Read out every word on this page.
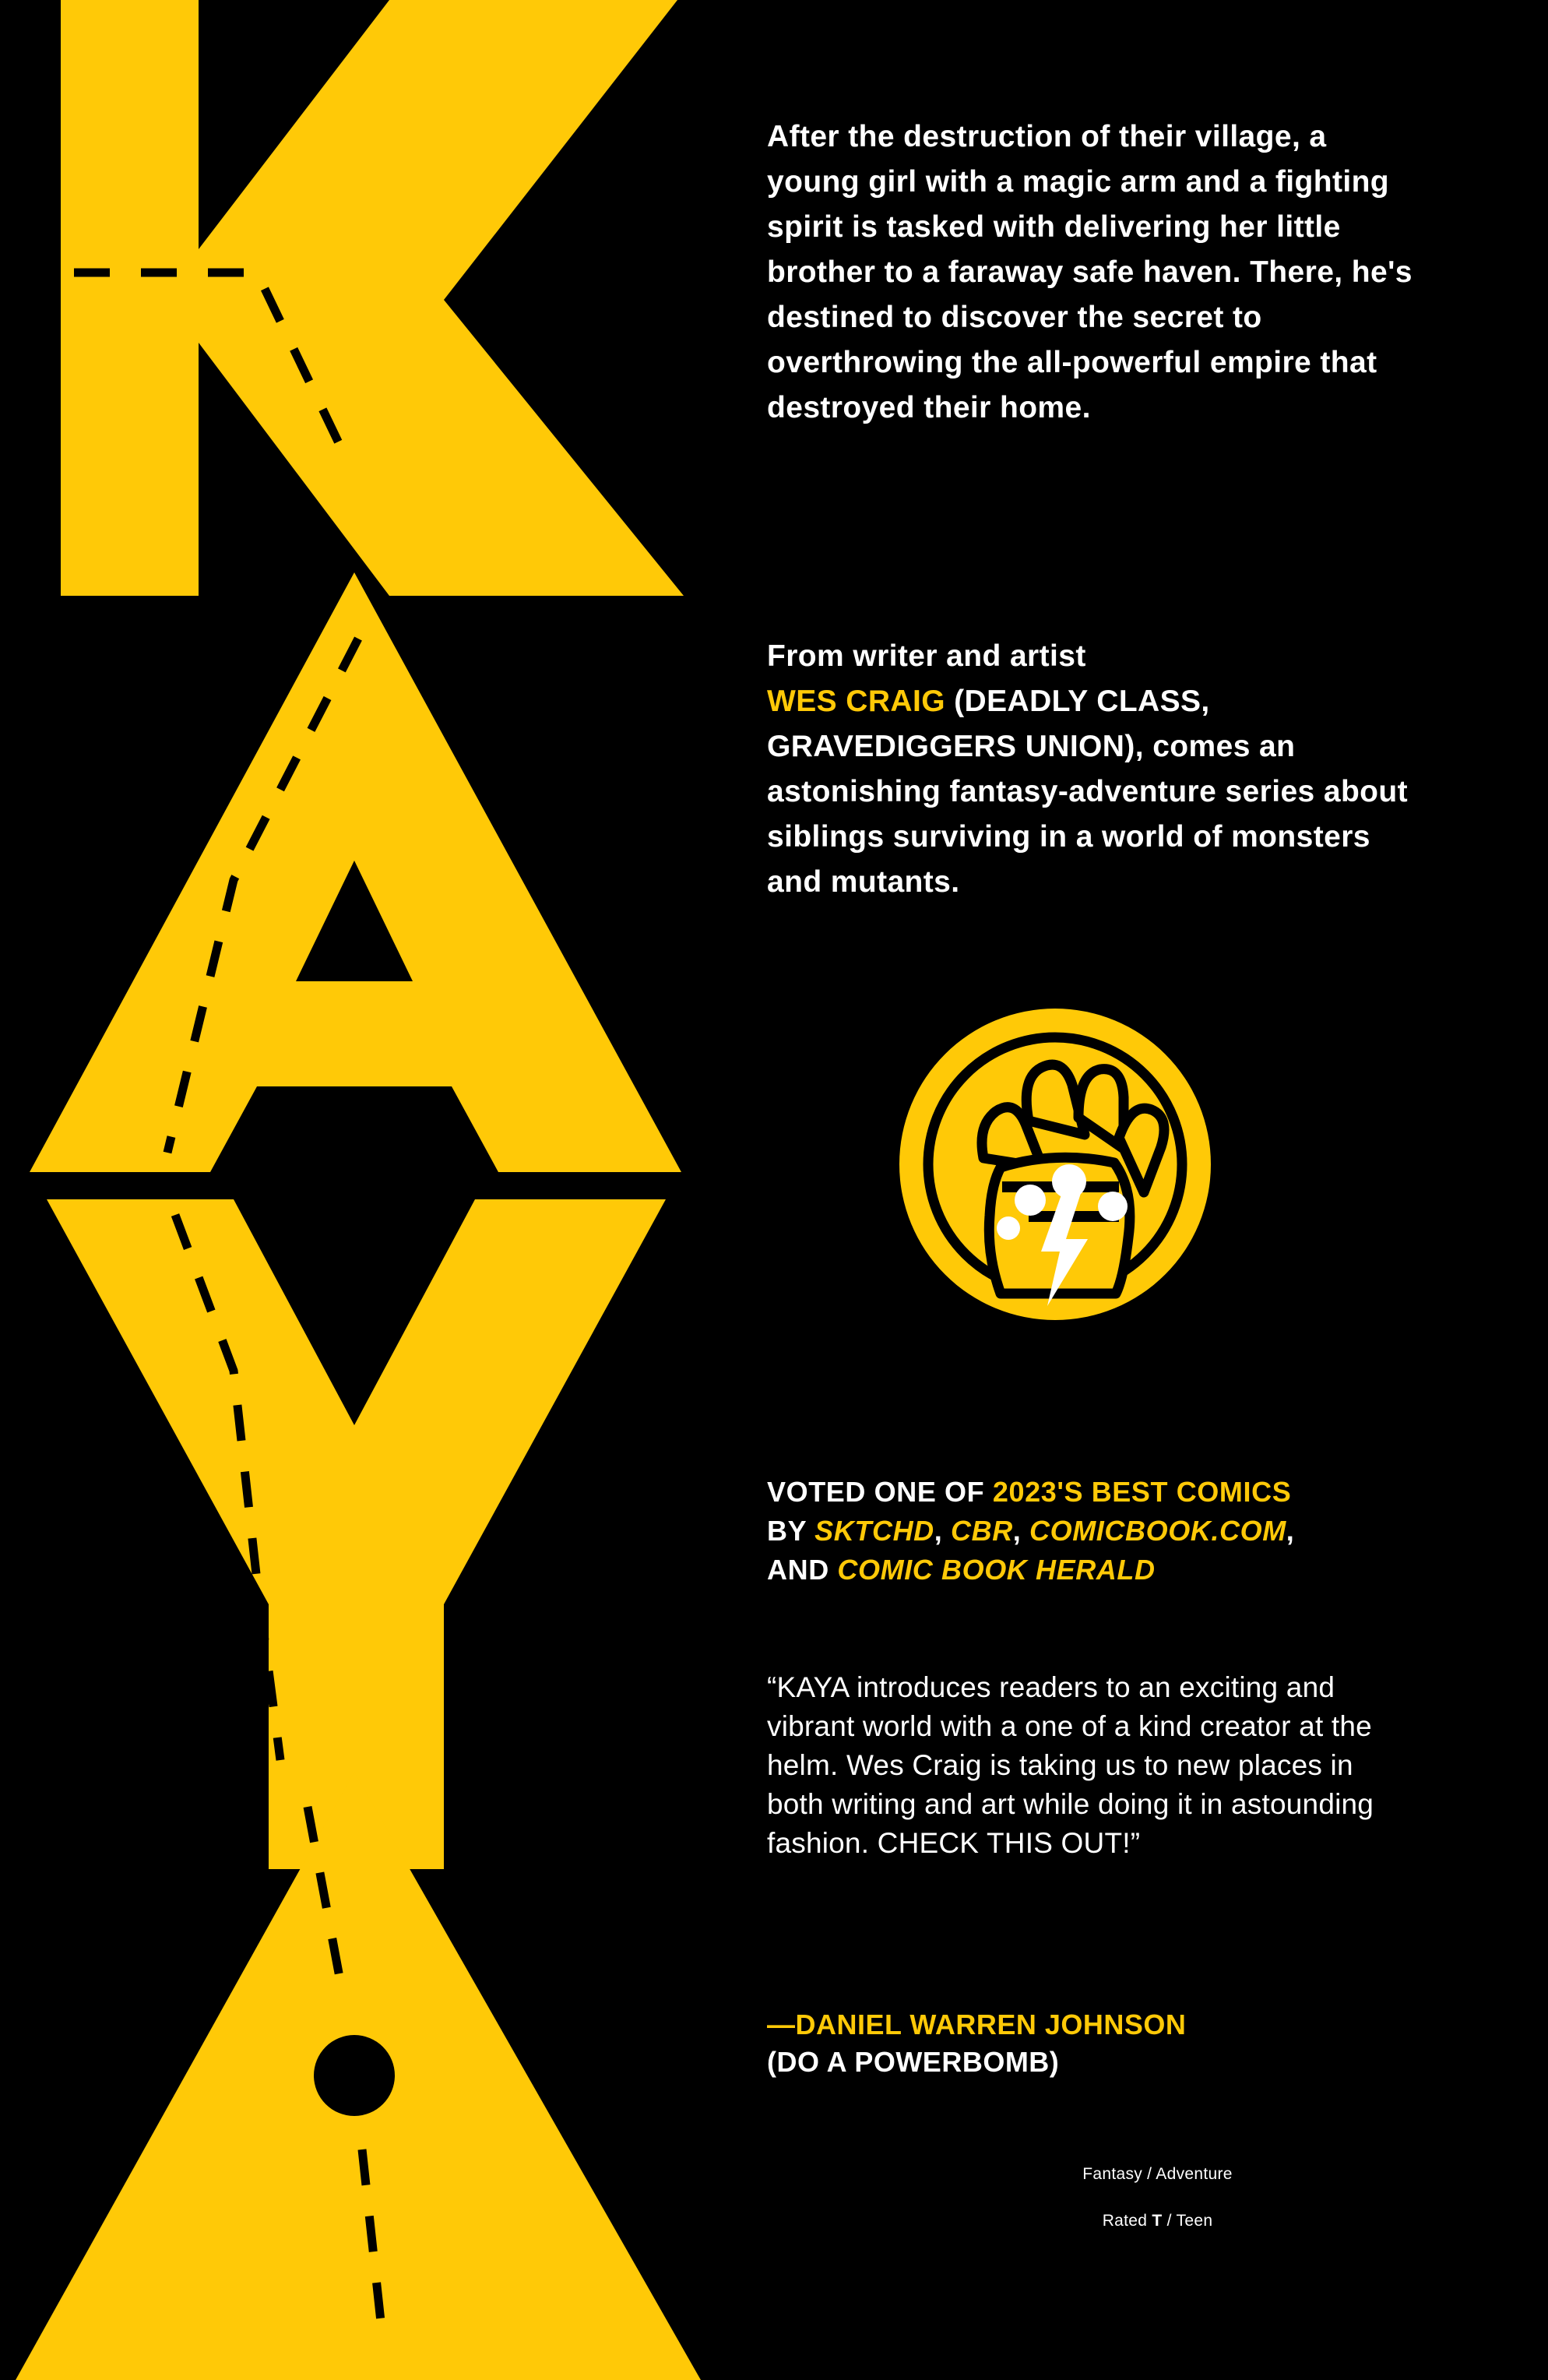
After the destruction of their village, a young girl with a magic arm and a fighting spirit is tasked with delivering her little brother to a faraway safe haven. There, he's destined to discover the secret to overthrowing the all-powerful empire that destroyed their home.

From writer and artist
WES CRAIG (DEADLY CLASS, GRAVEDIGGERS UNION), comes an astonishing fantasy-adventure series about siblings surviving in a world of monsters and mutants.

VOTED ONE OF 2023'S BEST COMICS
BY SKTCHD, CBR, COMICBOOK.COM,
AND COMIC BOOK HERALD

“KAYA introduces readers to an exciting and vibrant world with a one of a kind creator at the helm. Wes Craig is taking us to new places in both writing and art while doing it in astounding fashion. CHECK THIS OUT!”

—DANIEL WARREN JOHNSON
(DO A POWERBOMB)

Fantasy / Adventure
Rated T / Teen
